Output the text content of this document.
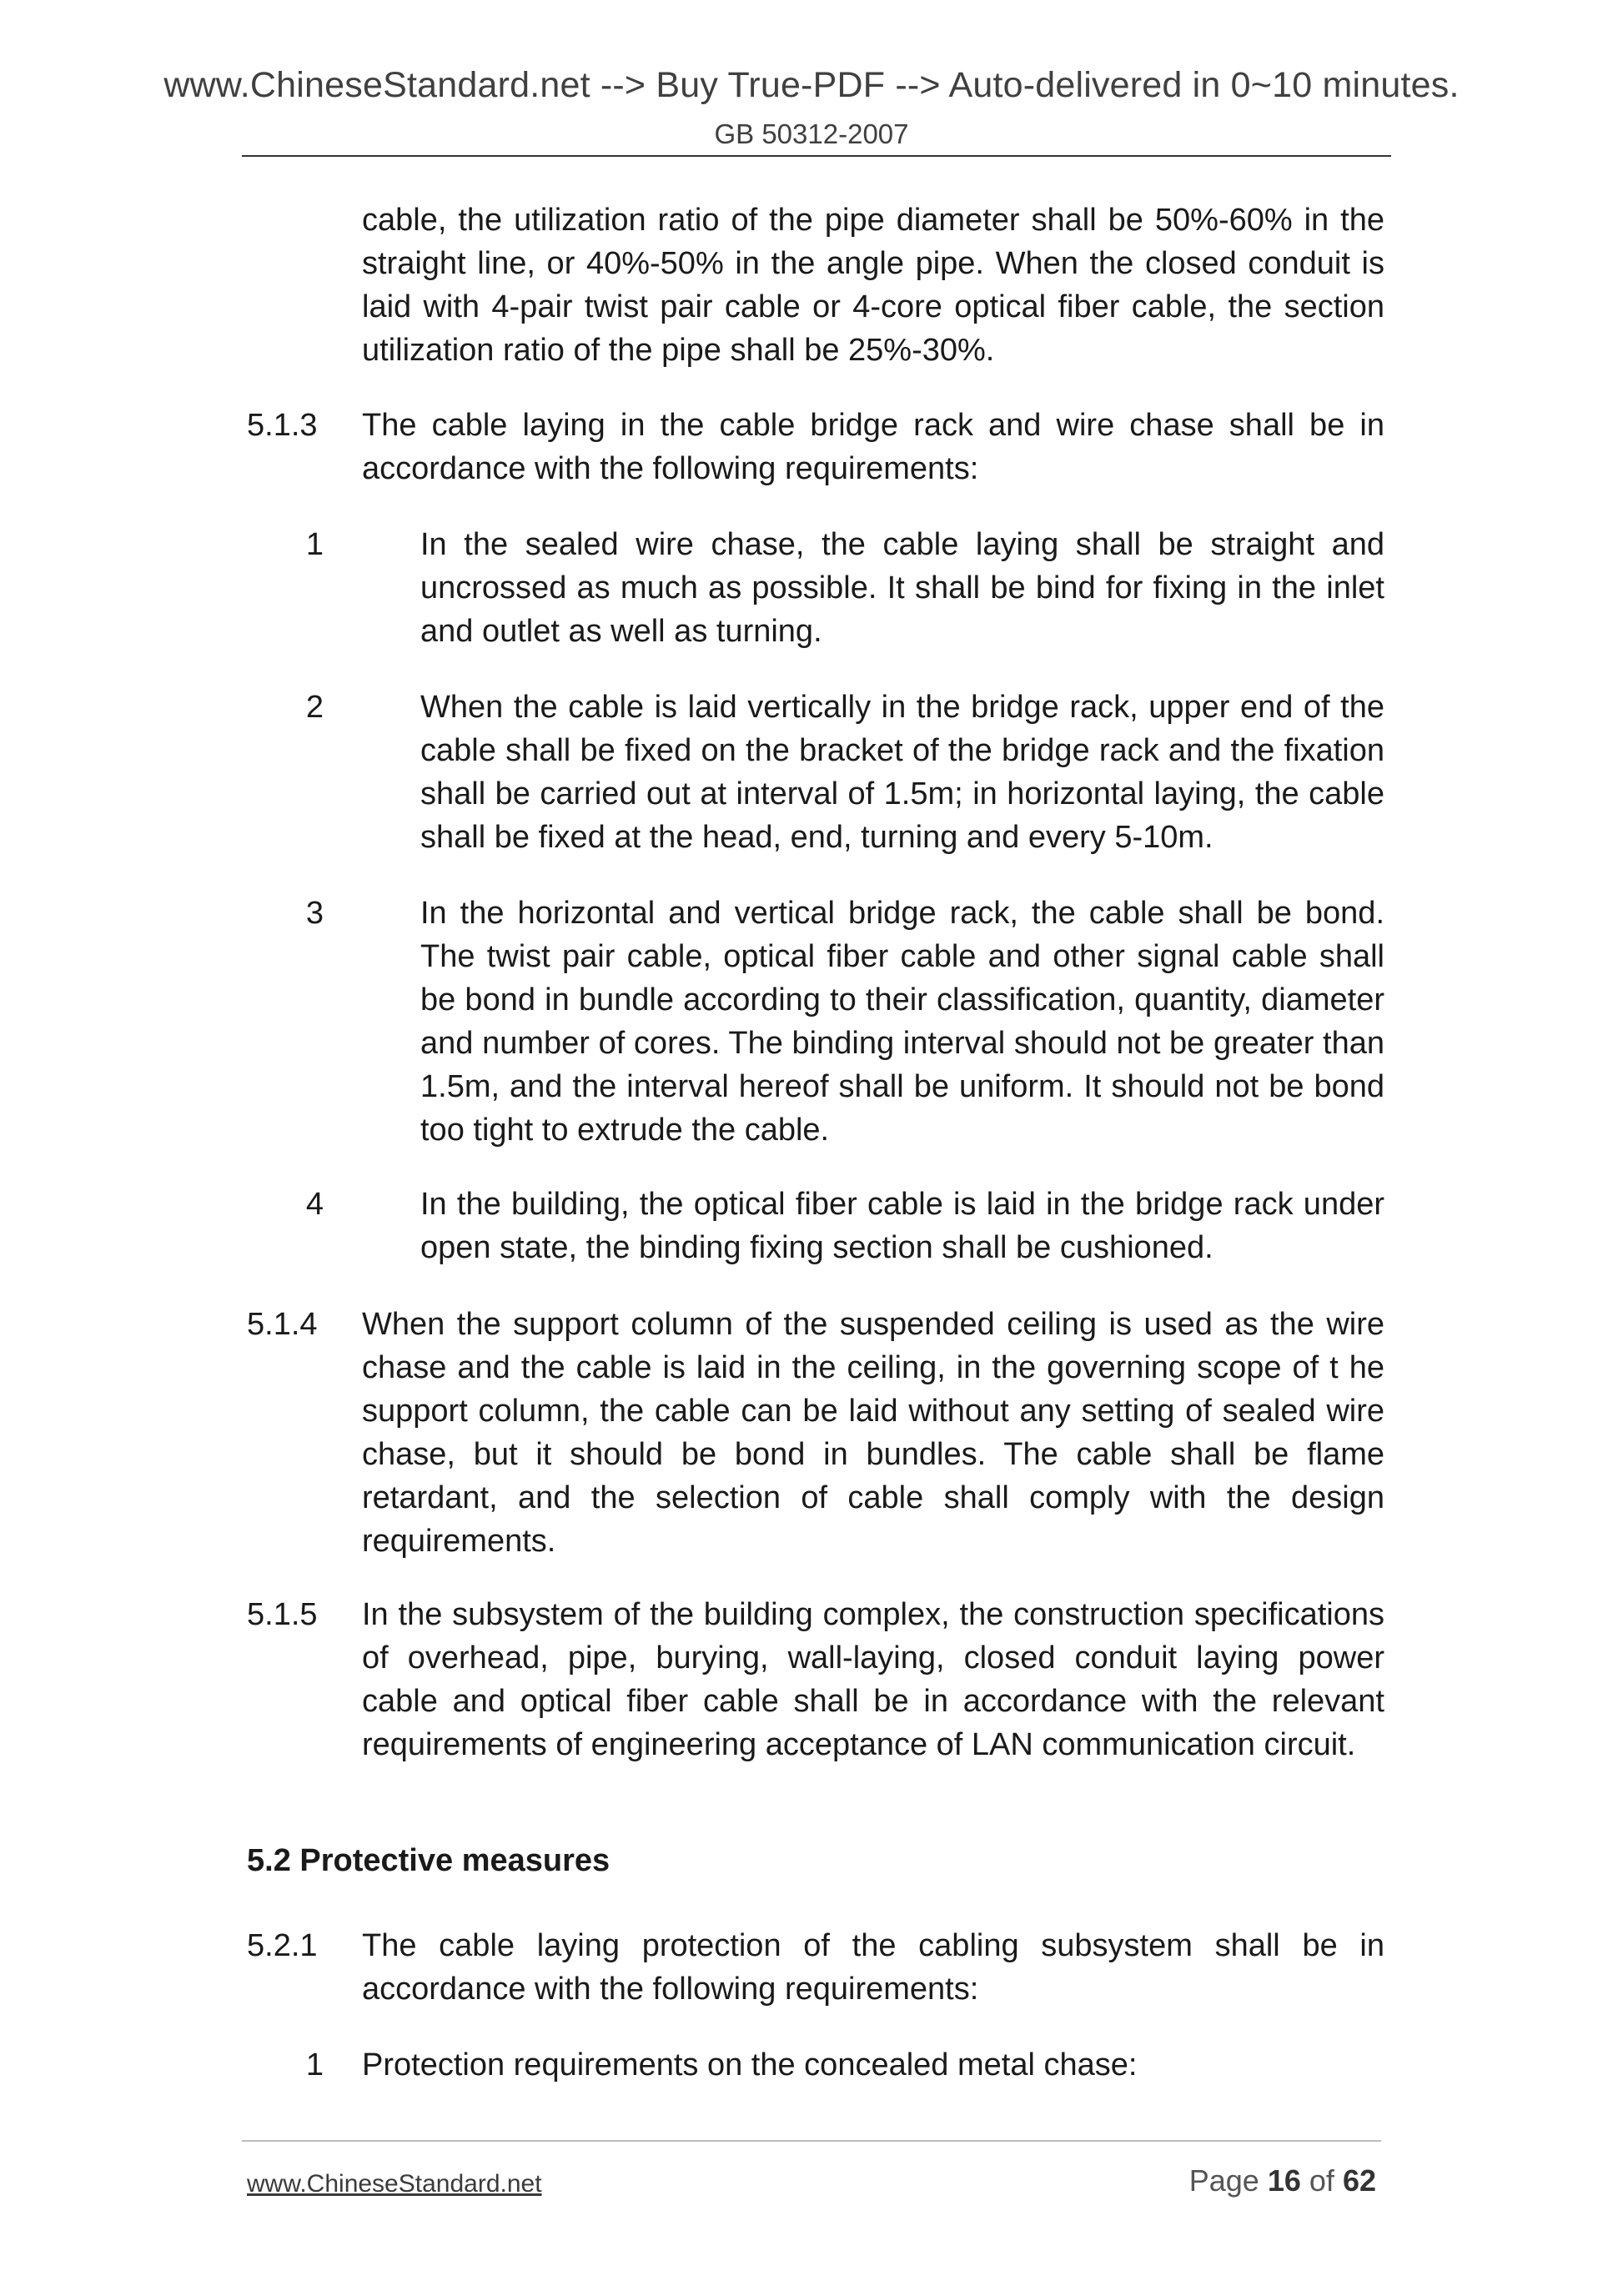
www.ChineseStandard.net --> Buy True-PDF --> Auto-delivered in 0~10 minutes.
GB 50312-2007
cable, the utilization ratio of the pipe diameter shall be 50%-60% in the straight line, or 40%-50% in the angle pipe. When the closed conduit is laid with 4-pair twist pair cable or 4-core optical fiber cable, the section utilization ratio of the pipe shall be 25%-30%.
5.1.3 The cable laying in the cable bridge rack and wire chase shall be in accordance with the following requirements:
1	In the sealed wire chase, the cable laying shall be straight and uncrossed as much as possible. It shall be bind for fixing in the inlet and outlet as well as turning.
2	When the cable is laid vertically in the bridge rack, upper end of the cable shall be fixed on the bracket of the bridge rack and the fixation shall be carried out at interval of 1.5m; in horizontal laying, the cable shall be fixed at the head, end, turning and every 5-10m.
3	In the horizontal and vertical bridge rack, the cable shall be bond. The twist pair cable, optical fiber cable and other signal cable shall be bond in bundle according to their classification, quantity, diameter and number of cores. The binding interval should not be greater than 1.5m, and the interval hereof shall be uniform. It should not be bond too tight to extrude the cable.
4	In the building, the optical fiber cable is laid in the bridge rack under open state, the binding fixing section shall be cushioned.
5.1.4 When the support column of the suspended ceiling is used as the wire chase and the cable is laid in the ceiling, in the governing scope of t he support column, the cable can be laid without any setting of sealed wire chase, but it should be bond in bundles. The cable shall be flame retardant, and the selection of cable shall comply with the design requirements.
5.1.5 In the subsystem of the building complex, the construction specifications of overhead, pipe, burying, wall-laying, closed conduit laying power cable and optical fiber cable shall be in accordance with the relevant requirements of engineering acceptance of LAN communication circuit.
5.2 Protective measures
5.2.1 The cable laying protection of the cabling subsystem shall be in accordance with the following requirements:
1 Protection requirements on the concealed metal chase:
www.ChineseStandard.net	Page 16 of 62
